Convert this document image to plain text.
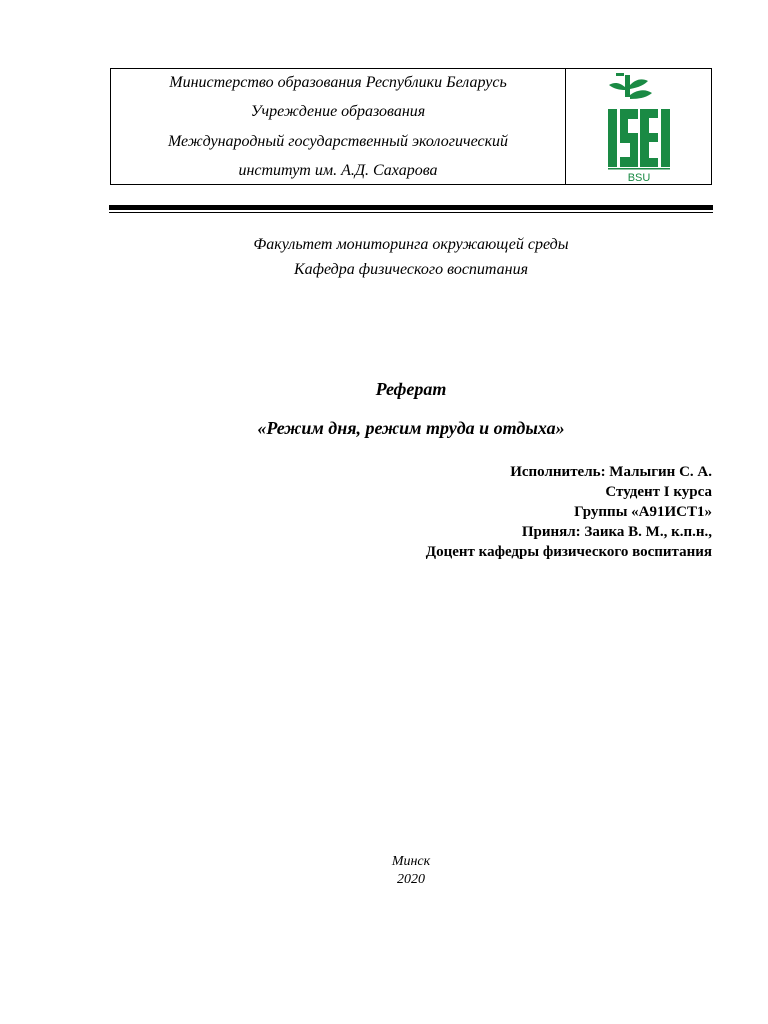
Министерство образования Республики Беларусь
Учреждение образования
Международный государственный экологический
институт им. А.Д. Сахарова	BSU
Факультет мониторинга окружающей среды
Кафедра физического воспитания
Реферат
«Режим дня, режим труда и отдыха»
Исполнитель: Малыгин С. А.
Студент I курса
Группы «А91ИСТ1»
Принял: Заика В. М., к.п.н.,
Доцент кафедры физического воспитания
Минск
2020
